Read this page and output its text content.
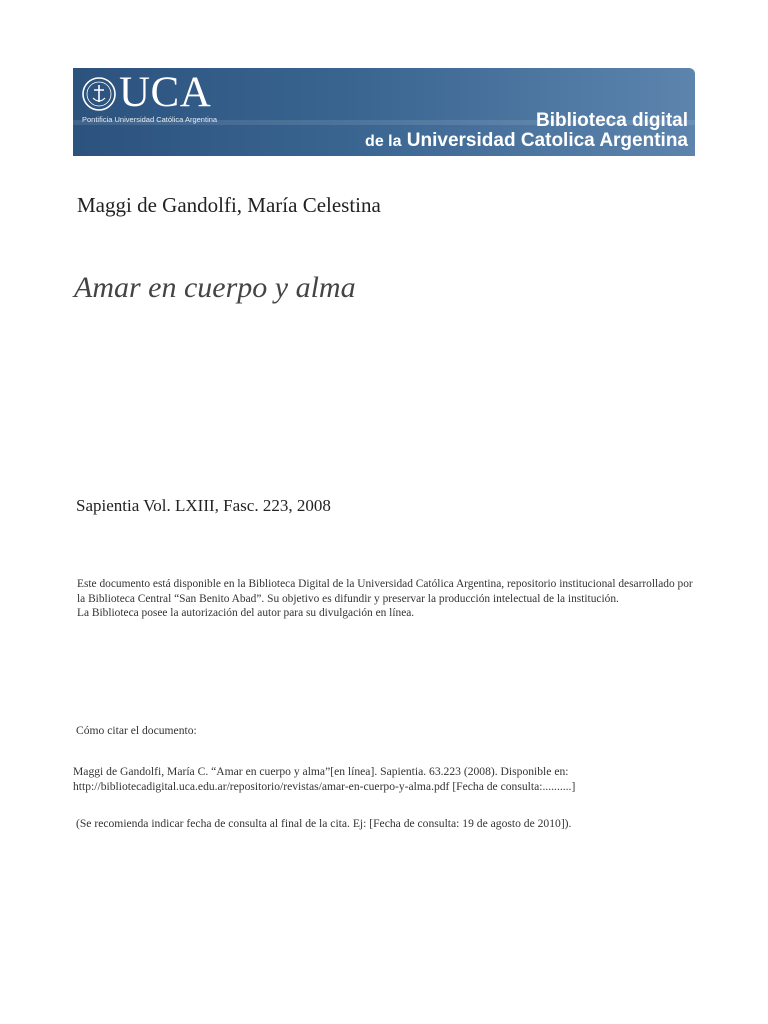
UCA
Pontificia Universidad Católica Argentina	Biblioteca digital
de la Universidad Catolica Argentina
Maggi de Gandolfi, María Celestina
Amar en cuerpo y alma
Sapientia Vol. LXIII, Fasc. 223, 2008

Este documento está disponible en la Biblioteca Digital de la Universidad Católica Argentina, repositorio institucional desarrollado por la Biblioteca Central “San Benito Abad”. Su objetivo es difundir y preservar la producción intelectual de la institución.

La Biblioteca posee la autorización del autor para su divulgación en línea.

Cómo citar el documento:

Maggi de Gandolfi, María C. “Amar en cuerpo y alma”[en línea]. Sapientia. 63.223 (2008). Disponible en:

http://bibliotecadigital.uca.edu.ar/repositorio/revistas/amar-en-cuerpo-y-alma.pdf [Fecha de consulta:..........]

(Se recomienda indicar fecha de consulta al final de la cita. Ej: [Fecha de consulta: 19 de agosto de 2010]).
